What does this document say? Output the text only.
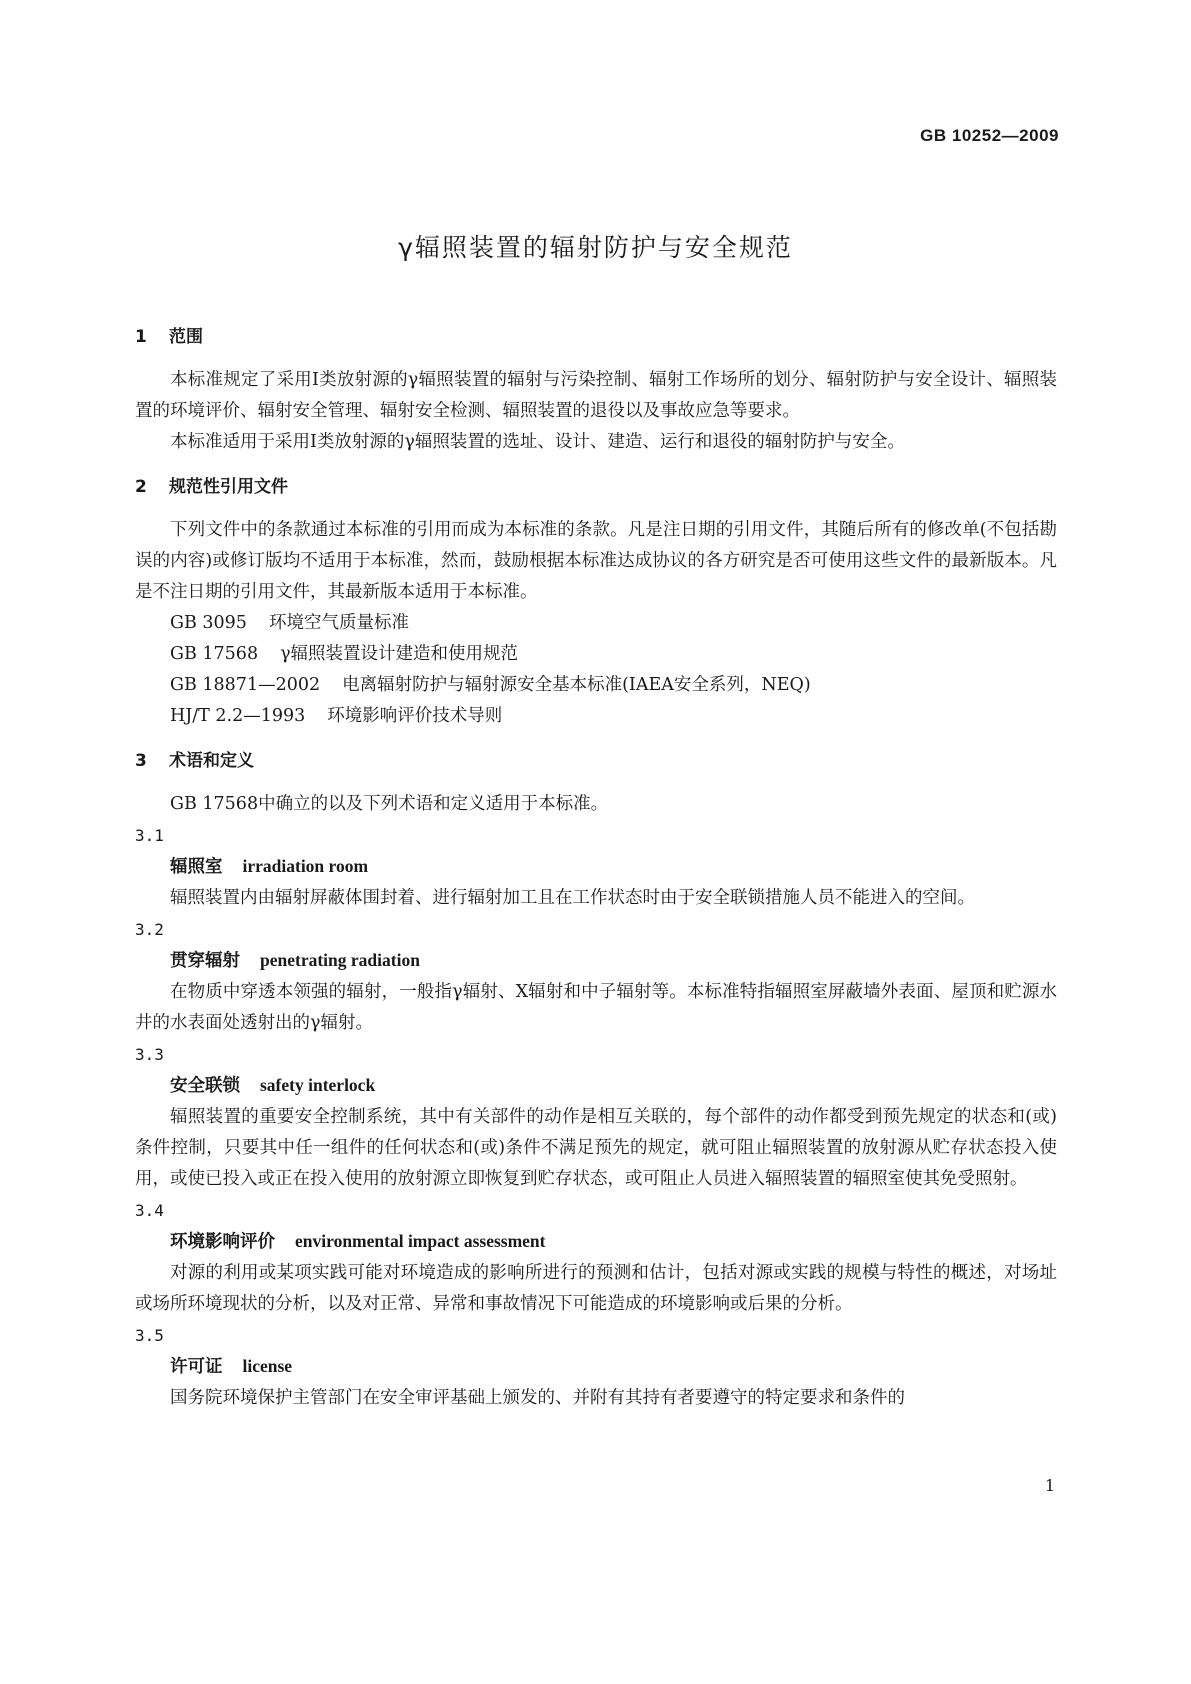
GB 10252—2009
γ辐照装置的辐射防护与安全规范
1 范围

本标准规定了采用Ⅰ类放射源的γ辐照装置的辐射与污染控制、辐射工作场所的划分、辐射防护与安全设计、辐照装置的环境评价、辐射安全管理、辐射安全检测、辐照装置的退役以及事故应急等要求。

本标准适用于采用Ⅰ类放射源的γ辐照装置的选址、设计、建造、运行和退役的辐射防护与安全。

2 规范性引用文件

下列文件中的条款通过本标准的引用而成为本标准的条款。凡是注日期的引用文件，其随后所有的修改单(不包括勘误的内容)或修订版均不适用于本标准，然而，鼓励根据本标准达成协议的各方研究是否可使用这些文件的最新版本。凡是不注日期的引用文件，其最新版本适用于本标准。

GB 3095 环境空气质量标准

GB 17568 γ辐照装置设计建造和使用规范

GB 18871—2002 电离辐射防护与辐射源安全基本标准(IAEA安全系列，NEQ)

HJ/T 2.2—1993 环境影响评价技术导则

3 术语和定义

GB 17568中确立的以及下列术语和定义适用于本标准。

3.1

辐照室 irradiation room

辐照装置内由辐射屏蔽体围封着、进行辐射加工且在工作状态时由于安全联锁措施人员不能进入的空间。

3.2

贯穿辐射 penetrating radiation

在物质中穿透本领强的辐射，一般指γ辐射、X辐射和中子辐射等。本标准特指辐照室屏蔽墙外表面、屋顶和贮源水井的水表面处透射出的γ辐射。

3.3

安全联锁 safety interlock

辐照装置的重要安全控制系统，其中有关部件的动作是相互关联的，每个部件的动作都受到预先规定的状态和(或)条件控制，只要其中任一组件的任何状态和(或)条件不满足预先的规定，就可阻止辐照装置的放射源从贮存状态投入使用，或使已投入或正在投入使用的放射源立即恢复到贮存状态，或可阻止人员进入辐照装置的辐照室使其免受照射。

3.4

环境影响评价 environmental impact assessment

对源的利用或某项实践可能对环境造成的影响所进行的预测和估计，包括对源或实践的规模与特性的概述，对场址或场所环境现状的分析，以及对正常、异常和事故情况下可能造成的环境影响或后果的分析。

3.5

许可证 license

国务院环境保护主管部门在安全审评基础上颁发的、并附有其持有者要遵守的特定要求和条件的

1
